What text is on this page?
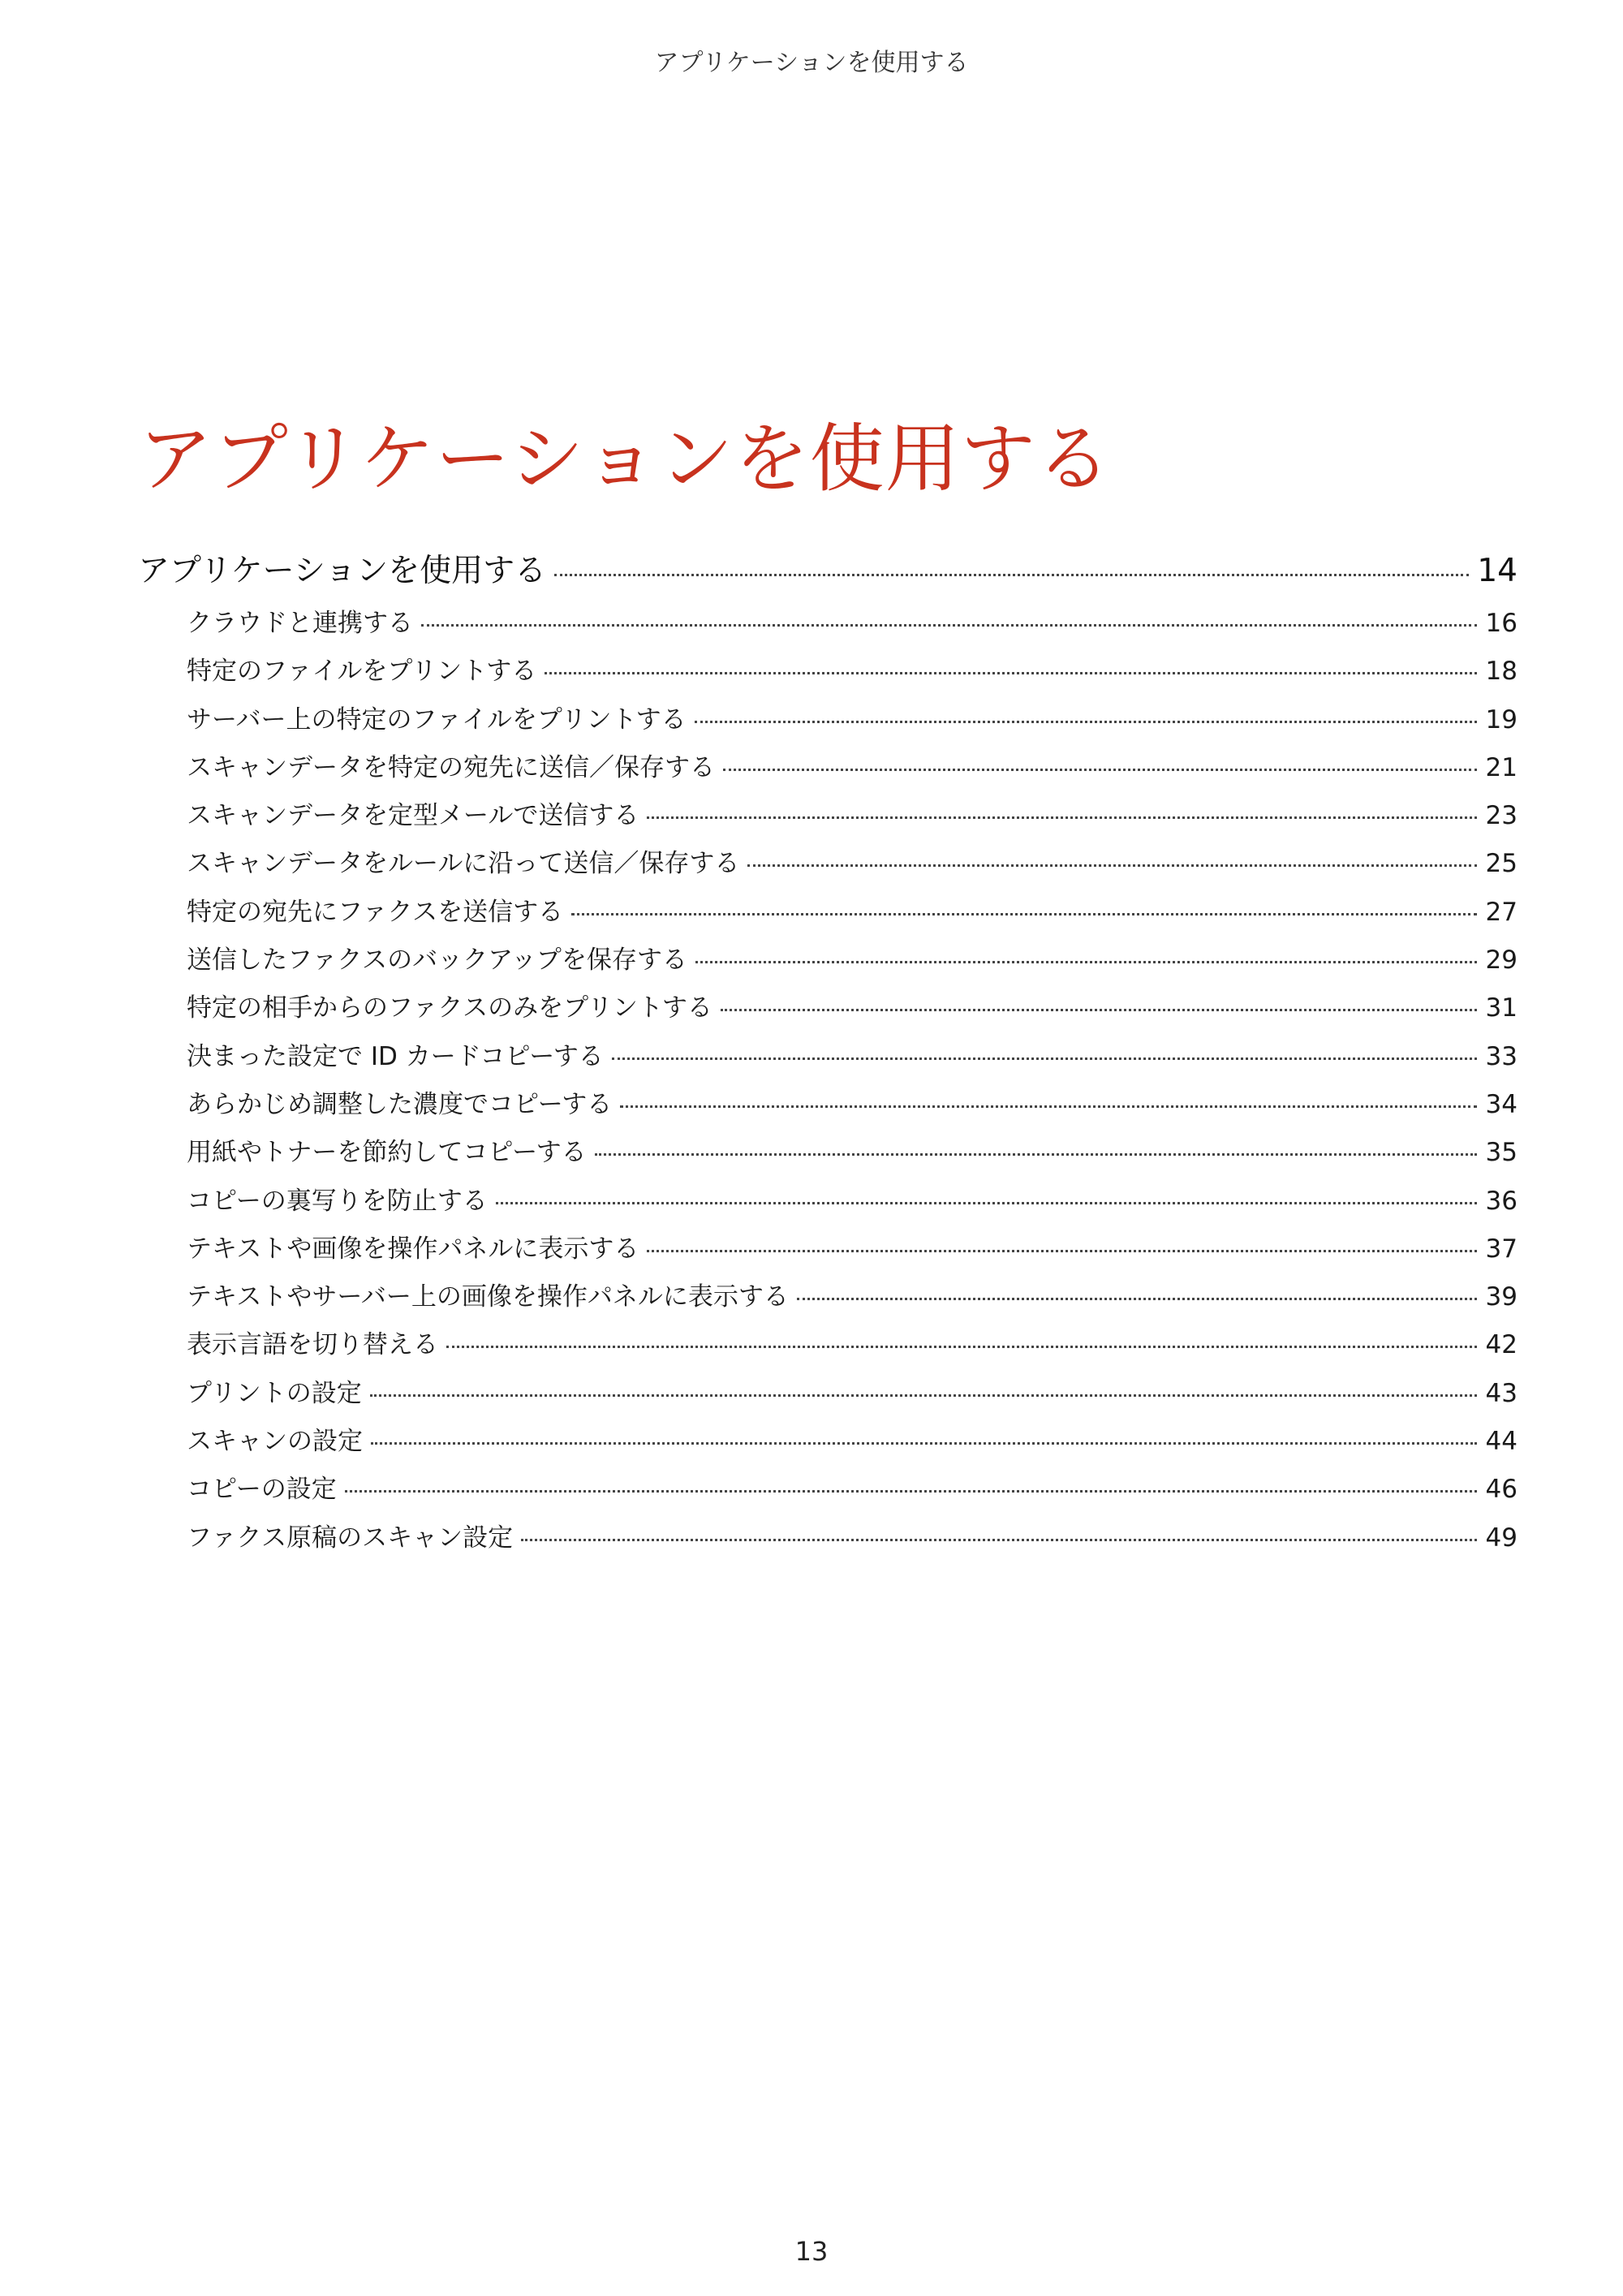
アプリケーションを使用する
アプリケーションを使用する
アプリケーションを使用する	14
クラウドと連携する	16
特定のファイルをプリントする	18
サーバー上の特定のファイルをプリントする	19
スキャンデータを特定の宛先に送信／保存する	21
スキャンデータを定型メールで送信する	23
スキャンデータをルールに沿って送信／保存する	25
特定の宛先にファクスを送信する	27
送信したファクスのバックアップを保存する	29
特定の相手からのファクスのみをプリントする	31
決まった設定で ID カードコピーする	33
あらかじめ調整した濃度でコピーする	34
用紙やトナーを節約してコピーする	35
コピーの裏写りを防止する	36
テキストや画像を操作パネルに表示する	37
テキストやサーバー上の画像を操作パネルに表示する	39
表示言語を切り替える	42
プリントの設定	43
スキャンの設定	44
コピーの設定	46
ファクス原稿のスキャン設定	49
13
